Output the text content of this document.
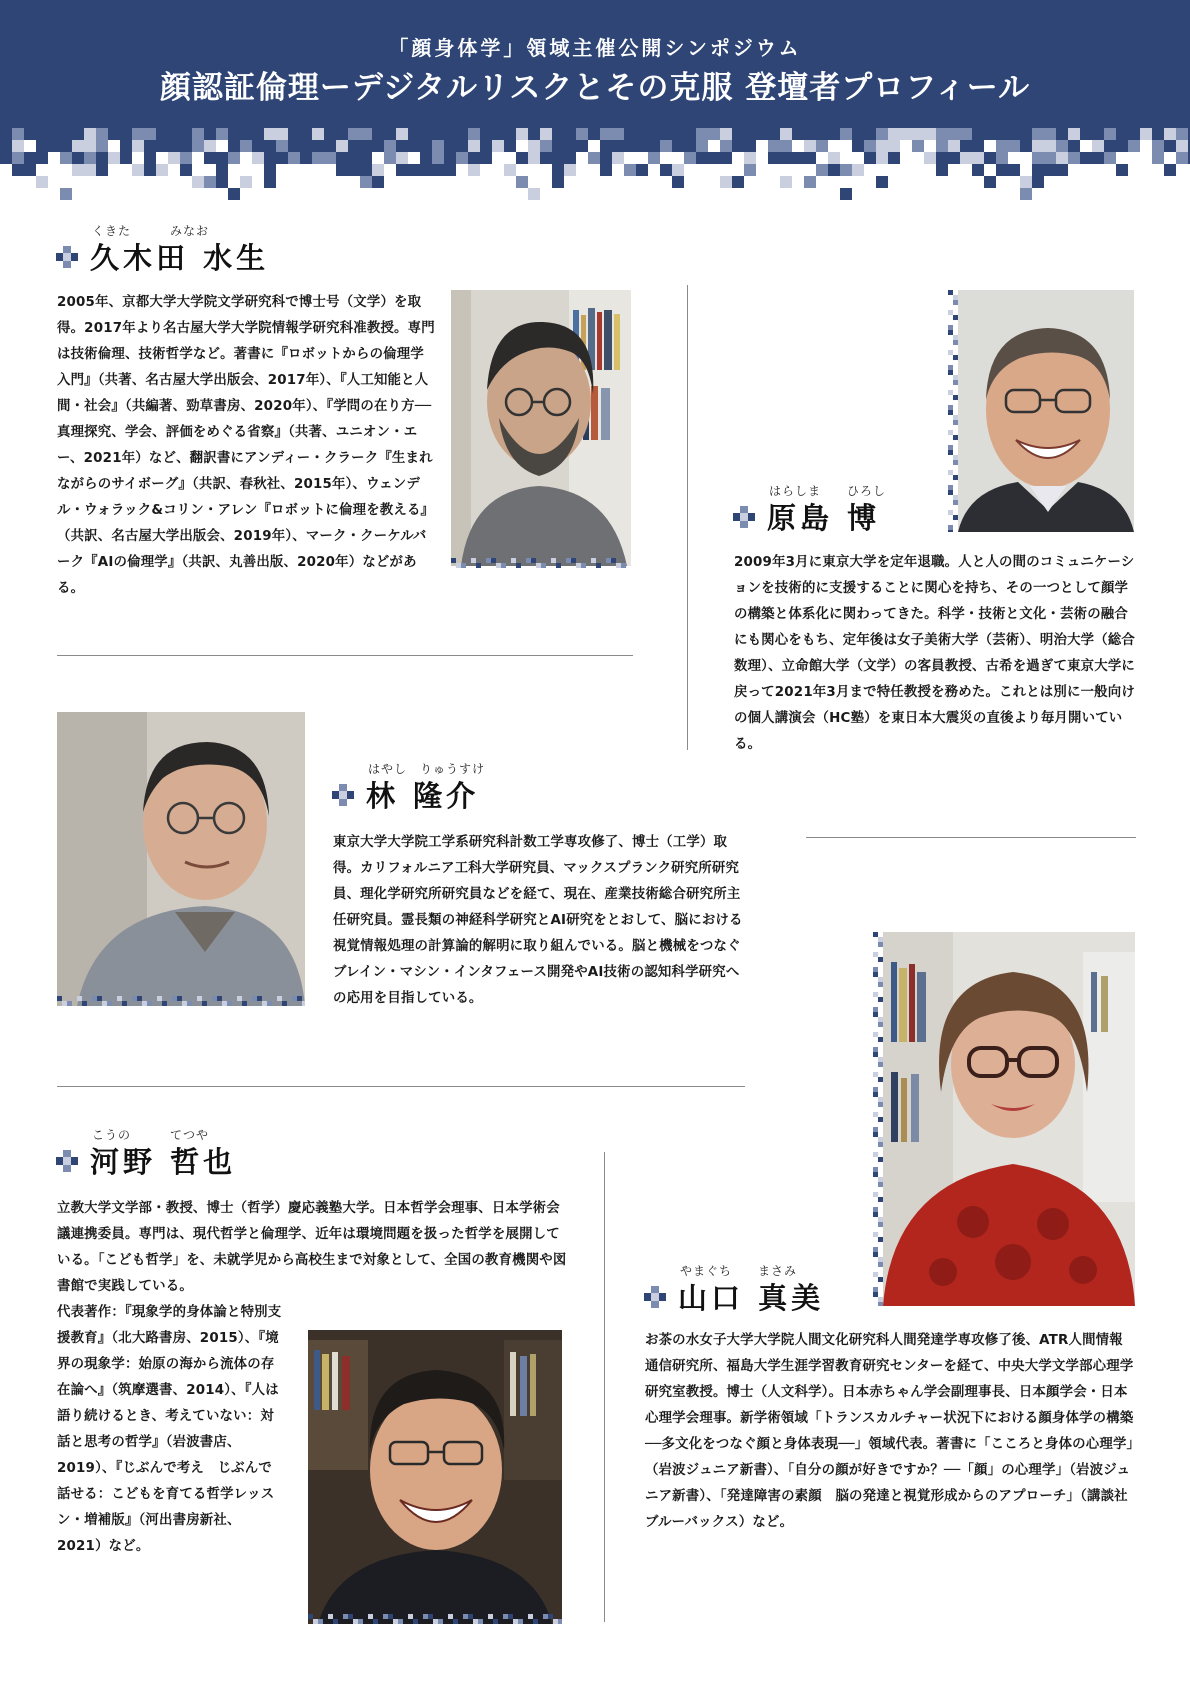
「顔身体学」領域主催公開シンポジウム
顔認証倫理ーデジタルリスクとその克服 登壇者プロフィール
くきた　　　みなお
久木田 水生

2005年、京都大学大学院文学研究科で博士号（文学）を取得。2017年より名古屋大学大学院情報学研究科准教授。専門は技術倫理、技術哲学など。著書に『ロボットからの倫理学入門』（共著、名古屋大学出版会、2017年）、『人工知能と人間・社会』（共編著、勁草書房、2020年）、『学問の在り方── 真理探究、学会、評価をめぐる省察』（共著、ユニオン・エー、2021年）など、翻訳書にアンディー・クラーク『生まれながらのサイボーグ』（共訳、春秋社、2015年）、ウェンデル・ウォラック&コリン・アレン『ロボットに倫理を教える』（共訳、名古屋大学出版会、2019年）、マーク・クーケルバーク『AIの倫理学』（共訳、丸善出版、2020年）などがある。

はらしま　　ひろし
原島 博

2009年3月に東京大学を定年退職。人と人の間のコミュニケーションを技術的に支援することに関心を持ち、その一つとして顔学の構築と体系化に関わってきた。科学・技術と文化・芸術の融合にも関心をもち、定年後は女子美術大学（芸術）、明治大学（総合数理）、立命館大学（文学）の客員教授、古希を過ぎて東京大学に戻って2021年3月まで特任教授を務めた。これとは別に一般向けの個人講演会（HC塾）を東日本大震災の直後より毎月開いている。

はやし　りゅうすけ
林 隆介

東京大学大学院工学系研究科計数工学専攻修了、博士（工学）取得。カリフォルニア工科大学研究員、マックスプランク研究所研究員、理化学研究所研究員などを経て、現在、産業技術総合研究所主任研究員。霊長類の神経科学研究とAI研究をとおして、脳における視覚情報処理の計算論的解明に取り組んでいる。脳と機械をつなぐブレイン・マシン・インタフェース開発やAI技術の認知科学研究への応用を目指している。

こうの　　　てつや
河野 哲也

立教大学文学部・教授、博士（哲学）慶応義塾大学。日本哲学会理事、日本学術会議連携委員。専門は、現代哲学と倫理学、近年は環境問題を扱った哲学を展開している。「こども哲学」を、未就学児から高校生まで対象として、全国の教育機関や図書館で実践している。

代表著作：『現象学的身体論と特別支援教育』（北大路書房、2015）、『境界の現象学：始原の海から流体の存在論へ』（筑摩選書、2014）、『人は語り続けるとき、考えていない：対話と思考の哲学』（岩波書店、2019）、『じぶんで考え　じぶんで話せる：こどもを育てる哲学レッスン・増補版』（河出書房新社、2021）など。

やまぐち　　まさみ
山口 真美

お茶の水女子大学大学院人間文化研究科人間発達学専攻修了後、ATR人間情報通信研究所、福島大学生涯学習教育研究センターを経て、中央大学文学部心理学研究室教授。博士（人文科学）。日本赤ちゃん学会副理事長、日本顔学会・日本心理学会理事。新学術領域「トランスカルチャー状況下における顔身体学の構築──多文化をつなぐ顔と身体表現──」領域代表。著書に「こころと身体の心理学」（岩波ジュニア新書）、「自分の顔が好きですか？──「顔」の心理学」（岩波ジュニア新書）、「発達障害の素顔　脳の発達と視覚形成からのアプローチ」（講談社ブルーバックス）など。
